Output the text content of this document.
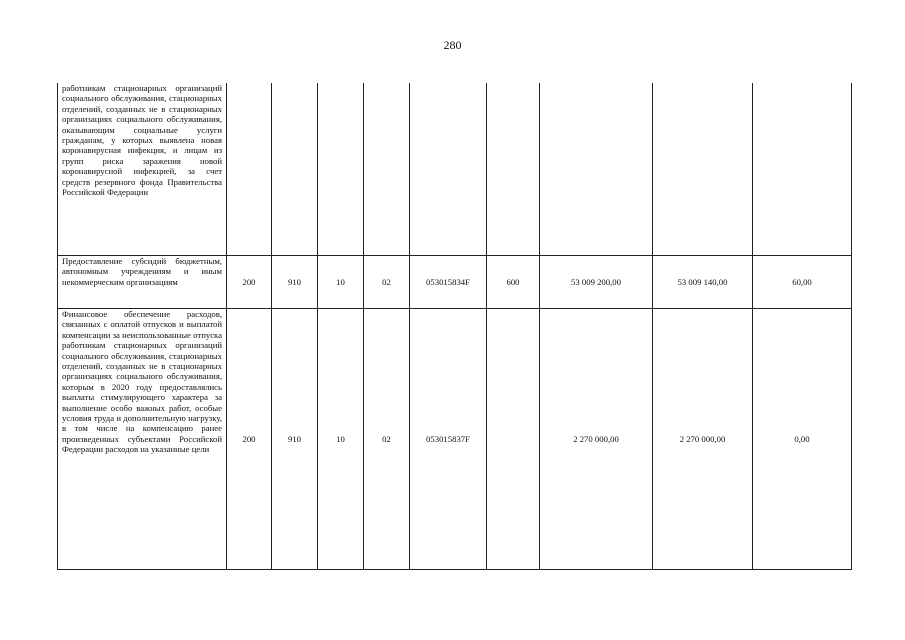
280
работникам стационарных организаций социального обслуживания, стационарных отделений, созданных не в стационарных организациях социального обслуживания, оказывающим социальные услуги гражданам, у которых выявлена новая коронавирусная инфекция, и лицам из групп риска заражения новой коронавирусной инфекцией, за счет средств резервного фонда Правительства Российской Федерации									
Предоставление субсидий бюджетным, автономным учреждениям и иным некоммерческим организациям	200	910	10	02	053015834F	600	53 009 200,00	53 009 140,00	60,00
Финансовое обеспечение расходов, связанных с оплатой отпусков и выплатой компенсации за неиспользованные отпуска работникам стационарных организаций социального обслуживания, стационарных отделений, созданных не в стационарных организациях социального обслуживания, которым в 2020 году предоставлялись выплаты стимулирующего характера за выполнение особо важных работ, особые условия труда и дополнительную нагрузку, в том числе на компенсацию ранее произведенных субъектами Российской Федерации расходов на указанные цели	200	910	10	02	053015837F		2 270 000,00	2 270 000,00	0,00
